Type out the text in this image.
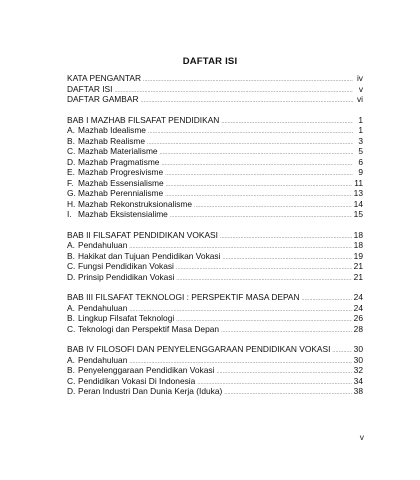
DAFTAR ISI
KATA PENGANTAR . . .	iv
DAFTAR ISI . . .	v
DAFTAR GAMBAR . . .	vi
BAB I MAZHAB FILSAFAT PENDIDIKAN . . .	1
A. Mazhab Idealisme . . .	1
B. Mazhab Realisme . . .	3
C. Mazhab Materialisme . . .	5
D. Mazhab Pragmatisme . . .	6
E. Mazhab Progresivisme . . .	9
F. Mazhab Essensialisme . . .	11
G. Mazhab Perennialisme . . .	13
H. Mazhab Rekonstruksionalisme . . .	14
I. Mazhab Eksistensialime . . .	15
BAB II FILSAFAT PENDIDIKAN VOKASI . . .	18
A. Pendahuluan . . .	18
B. Hakikat dan Tujuan Pendidikan Vokasi . . .	19
C. Fungsi Pendidikan Vokasi . . .	21
D. Prinsip Pendidikan Vokasi . . .	21
BAB III FILSAFAT TEKNOLOGI : PERSPEKTIF MASA DEPAN . . .	24
A. Pendahuluan . . .	24
B. Lingkup Filsafat Teknologi . . .	26
C. Teknologi dan Perspektif Masa Depan . . .	28
BAB IV FILOSOFI DAN PENYELENGGARAAN PENDIDIKAN VOKASI . . .	30
A. Pendahuluan . . .	30
B. Penyelenggaraan Pendidikan Vokasi . . .	32
C. Pendidikan Vokasi Di Indonesia . . .	34
D. Peran Industri Dan Dunia Kerja (Iduka) . . .	38
v
